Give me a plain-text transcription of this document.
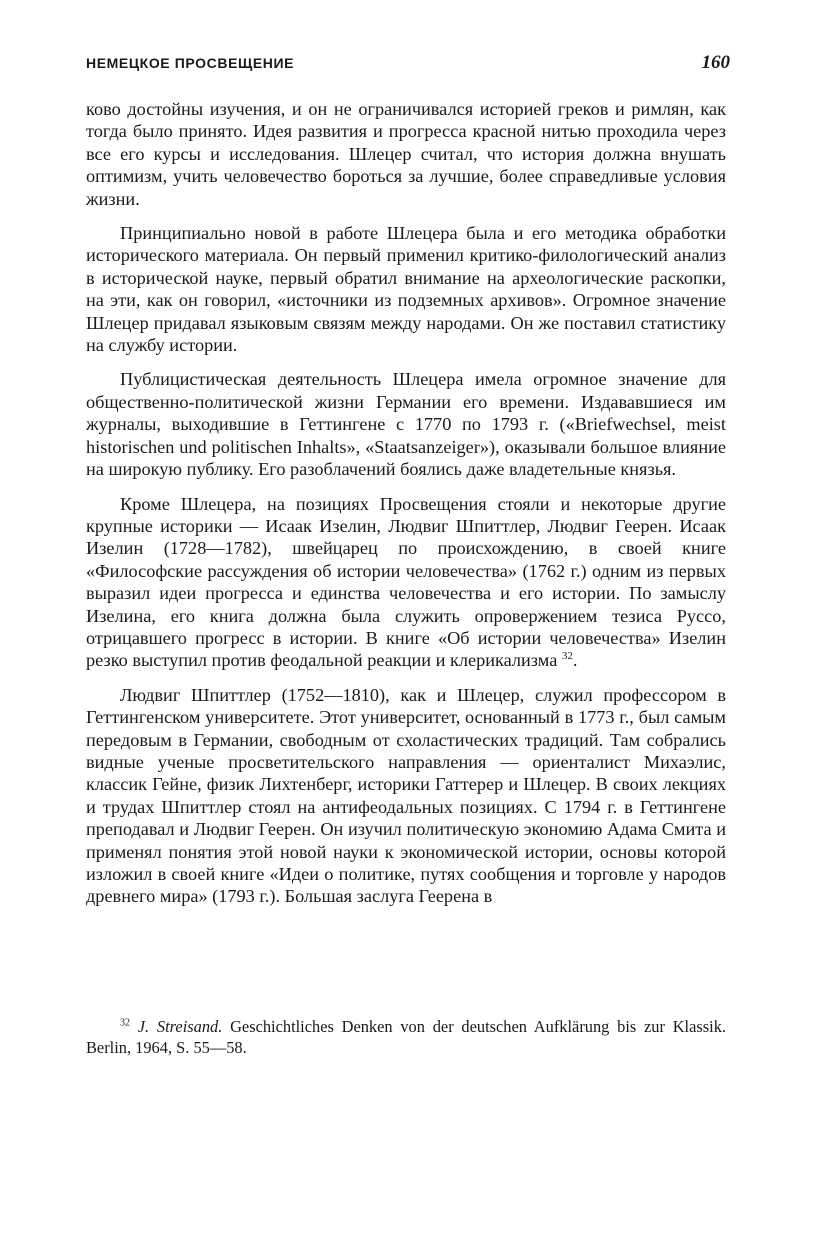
НЕМЕЦКОЕ ПРОСВЕЩЕНИЕ	160

ково достойны изучения, и он не ограничивался историей греков и римлян, как тогда было принято. Идея развития и прогресса красной нитью проходила через все его курсы и исследования. Шлецер считал, что история должна внушать оптимизм, учить человечество бороться за лучшие, более справедливые условия жизни.

Принципиально новой в работе Шлецера была и его методика обработки исторического материала. Он первый применил критико-филологический анализ в исторической науке, первый обратил внимание на археологические раскопки, на эти, как он говорил, «источники из подземных архивов». Огромное значение Шлецер придавал языковым связям между народами. Он же поставил статистику на службу истории.

Публицистическая деятельность Шлецера имела огромное значение для общественно-политической жизни Германии его времени. Издававшиеся им журналы, выходившие в Геттингене с 1770 по 1793 г. («Briefwechsel, meist historischen und politischen Inhalts», «Staatsanzeiger»), оказывали большое влияние на широкую публику. Его разоблачений боялись даже владетельные князья.

Кроме Шлецера, на позициях Просвещения стояли и некоторые другие крупные историки — Исаак Изелин, Людвиг Шпиттлер, Людвиг Геерен. Исаак Изелин (1728—1782), швейцарец по происхождению, в своей книге «Философские рассуждения об истории человечества» (1762 г.) одним из первых выразил идеи прогресса и единства человечества и его истории. По замыслу Изелина, его книга должна была служить опровержением тезиса Руссо, отрицавшего прогресс в истории. В книге «Об истории человечества» Изелин резко выступил против феодальной реакции и клерикализма $^{32}$.

Людвиг Шпиттлер (1752—1810), как и Шлецер, служил профессором в Геттингенском университете. Этот университет, основанный в 1773 г., был самым передовым в Германии, свободным от схоластических традиций. Там собрались видные ученые просветительского направления — ориенталист Михаэлис, классик Гейне, физик Лихтенберг, историки Гаттерер и Шлецер. В своих лекциях и трудах Шпиттлер стоял на антифеодальных позициях. С 1794 г. в Геттингене преподавал и Людвиг Геерен. Он изучил политическую экономию Адама Смита и применял понятия этой новой науки к экономической истории, основы которой изложил в своей книге «Идеи о политике, путях сообщения и торговле у народов древнего мира» (1793 г.). Большая заслуга Геерена в

$^{32}$ J. Streisand. Geschichtliches Denken von der deutschen Aufklärung bis zur Klassik. Berlin, 1964, S. 55—58.
